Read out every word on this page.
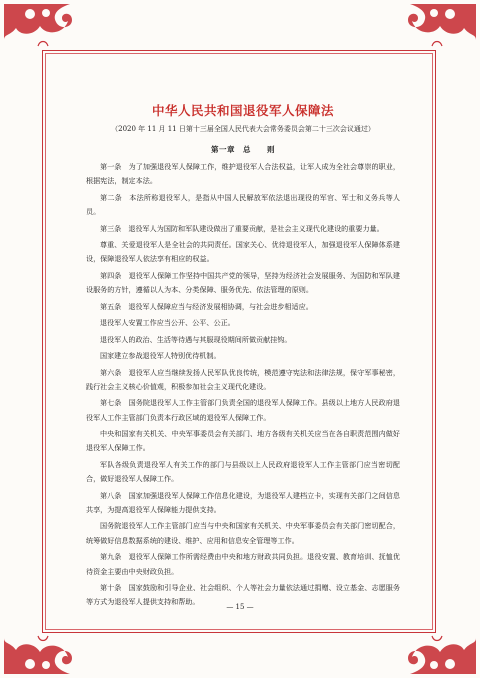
中华人民共和国退役军人保障法
（2020 年 11 月 11 日第十三届全国人民代表大会常务委员会第二十三次会议通过）
第一章　总　　则

第一条　为了加强退役军人保障工作，维护退役军人合法权益，让军人成为全社会尊崇的职业，根据宪法，制定本法。

第二条　本法所称退役军人，是指从中国人民解放军依法退出现役的军官、军士和义务兵等人员。

第三条　退役军人为国防和军队建设做出了重要贡献，是社会主义现代化建设的重要力量。

尊重、关爱退役军人是全社会的共同责任。国家关心、优待退役军人，加强退役军人保障体系建设，保障退役军人依法享有相应的权益。

第四条　退役军人保障工作坚持中国共产党的领导，坚持为经济社会发展服务、为国防和军队建设服务的方针，遵循以人为本、分类保障、服务优先、依法管理的原则。

第五条　退役军人保障应当与经济发展相协调，与社会进步相适应。

退役军人安置工作应当公开、公平、公正。

退役军人的政治、生活等待遇与其服现役期间所做贡献挂钩。

国家建立参战退役军人特别优待机制。

第六条　退役军人应当继续发扬人民军队优良传统，模范遵守宪法和法律法规，保守军事秘密，践行社会主义核心价值观，积极参加社会主义现代化建设。

第七条　国务院退役军人工作主管部门负责全国的退役军人保障工作。县级以上地方人民政府退役军人工作主管部门负责本行政区域的退役军人保障工作。

中央和国家有关机关、中央军事委员会有关部门、地方各级有关机关应当在各自职责范围内做好退役军人保障工作。

军队各级负责退役军人有关工作的部门与县级以上人民政府退役军人工作主管部门应当密切配合，做好退役军人保障工作。

第八条　国家加强退役军人保障工作信息化建设，为退役军人建档立卡，实现有关部门之间信息共享，为提高退役军人保障能力提供支持。

国务院退役军人工作主管部门应当与中央和国家有关机关、中央军事委员会有关部门密切配合，统筹做好信息数据系统的建设、维护、应用和信息安全管理等工作。

第九条　退役军人保障工作所需经费由中央和地方财政共同负担。退役安置、教育培训、抚恤优待资金主要由中央财政负担。

第十条　国家鼓励和引导企业、社会组织、个人等社会力量依法通过捐赠、设立基金、志愿服务等方式为退役军人提供支持和帮助。

— 15 —
